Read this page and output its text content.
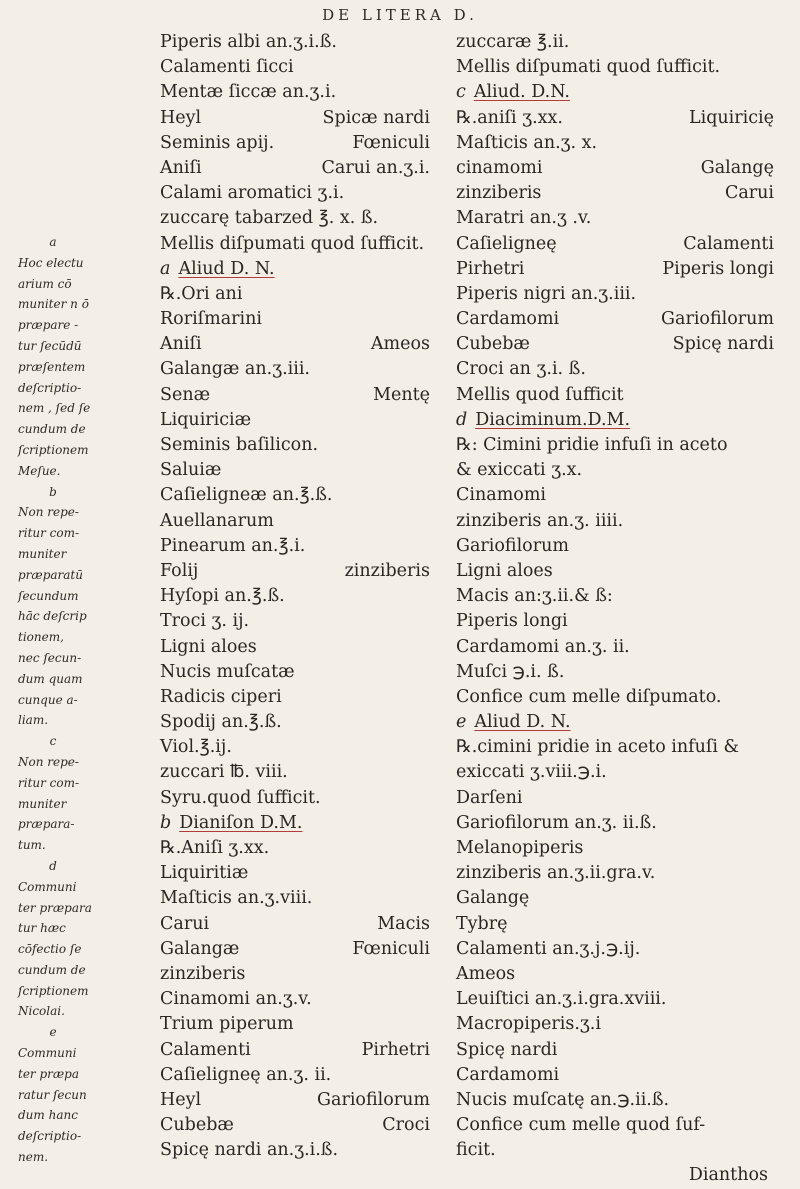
DE LITERA D.
a
Hoc electu
arium cō
muniter n ō
præpare -
tur ſecūdū
præſentem
deſcriptio-
nem , ſed ſe
cundum de
ſcriptionem
Meſue.
b
Non repe-
ritur com-
muniter
præparatū
ſecundum
hāc deſcrip
tionem,
nec ſecun-
dum quam
cunque a-
liam.
c
Non repe-
ritur com-
muniter
præpara-
tum.
d
Communi
ter præpara
tur hæc
cōfectio ſe
cundum de
ſcriptionem
Nicolai.
e
Communi
ter præpa
ratur ſecun
dum hanc
deſcriptio-
nem.
Piperis albi an.ʒ.i.ß.
Calamenti ſicci
Mentæ ſiccæ an.ʒ.i.
Heyl	Spicæ nardi
Seminis apij.	Fœniculi
Aniſi	Carui an.ʒ.i.
Calami aromatici ʒ.i.
zuccarę tabarzed ℥. x. ß.
Mellis diſpumati quod ſufficit.
a Aliud D. N.
℞.Ori ani
Roriſmarini
Aniſi	Ameos
Galangæ an.ʒ.iii.
Senæ	Mentę
Liquiriciæ
Seminis baſilicon.
Saluiæ
Caſieligneæ an.℥.ß.
Auellanarum
Pinearum an.℥.i.
Folij	zinziberis
Hyſopi an.℥.ß.
Troci ʒ. ij.
Ligni aloes
Nucis muſcatæ
Radicis ciperi
Spodij an.℥.ß.
Viol.℥.ij.
zuccari ℔. viii.
Syru.quod ſufficit.
b Dianiſon D.M.
℞.Aniſi ʒ.xx.
Liquiritiæ
Maſticis an.ʒ.viii.
Carui	Macis
Galangæ	Fœniculi
zinziberis
Cinamomi an.ʒ.v.
Trium piperum
Calamenti	Pirhetri
Caſieligneę an.ʒ. ii.
Heyl	Gariofilorum
Cubebæ	Croci
Spicę nardi an.ʒ.i.ß.
zuccaræ ℥.ii.
Mellis diſpumati quod ſufficit.
c Aliud. D.N.
℞.aniſi ʒ.xx.	Liquiricię
Maſticis an.ʒ. x.
cinamomi	Galangę
zinziberis	Carui
Maratri an.ʒ .v.
Caſieligneę	Calamenti
Pirhetri	Piperis longi
Piperis nigri an.ʒ.iii.
Cardamomi	Gariofilorum
Cubebæ	Spicę nardi
Croci an ʒ.i. ß.
Mellis quod ſufficit
d Diaciminum.D.M.
℞: Cimini pridie infuſi in aceto
& exiccati ʒ.x.
Cinamomi
zinziberis an.ʒ. iiii.
Gariofilorum
Ligni aloes
Macis an:ʒ.ii.& ß:
Piperis longi
Cardamomi an.ʒ. ii.
Muſci ℈.i. ß.
Confice cum melle diſpumato.
e Aliud D. N.
℞.cimini pridie in aceto infuſi &
exiccati ʒ.viii.℈.i.
Darſeni
Gariofilorum an.ʒ. ii.ß.
Melanopiperis
zinziberis an.ʒ.ii.gra.v.
Galangę
Tybrę
Calamenti an.ʒ.j.℈.ij.
Ameos
Leuiſtici an.ʒ.i.gra.xviii.
Macropiperis.ʒ.i
Spicę nardi
Cardamomi
Nucis muſcatę an.℈.ii.ß.
Confice cum melle quod ſuf-
ficit.
Dianthos
